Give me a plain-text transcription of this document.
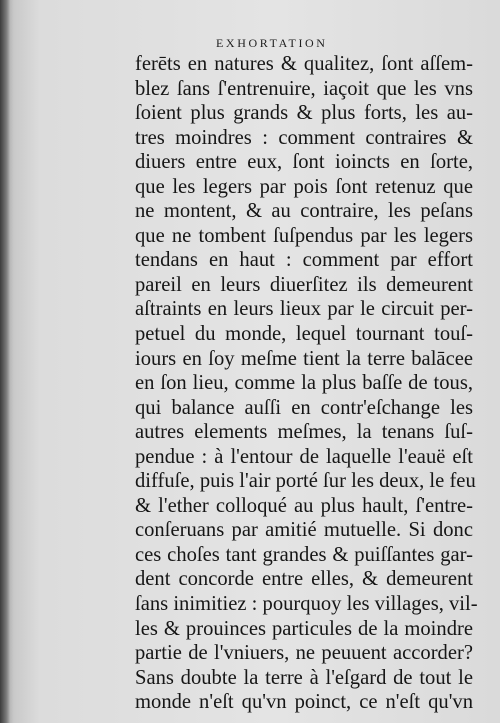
EXHORTATION
ferēts en natures & qualitez, ſont aſſem-
blez ſans ſ'entrenuire, iaçoit que les vns
ſoient plus grands & plus forts, les au-
tres moindres : comment contraires &
diuers entre eux, ſont ioincts en ſorte,
que les legers par pois ſont retenuz que
ne montent, & au contraire, les peſans
que ne tombent ſuſpendus par les legers
tendans en haut : comment par effort
pareil en leurs diuerſitez ils demeurent
aſtraints en leurs lieux par le circuit per-
petuel du monde, lequel tournant touſ-
iours en ſoy meſme tient la terre balācee
en ſon lieu, comme la plus baſſe de tous,
qui balance auſſi en contr'eſchange les
autres elements meſmes, la tenans ſuſ-
pendue : à l'entour de laquelle l'eauë eſt
diffuſe, puis l'air porté ſur les deux, le feu
& l'ether colloqué au plus hault, ſ'entre-
conſeruans par amitié mutuelle. Si donc
ces choſes tant grandes & puiſſantes gar-
dent concorde entre elles, & demeurent
ſans inimitiez : pourquoy les villages, vil-
les & prouinces particules de la moindre
partie de l'vniuers, ne peuuent accorder?
Sans doubte la terre à l'eſgard de tout le
monde n'eſt qu'vn poinct, ce n'eſt qu'vn
